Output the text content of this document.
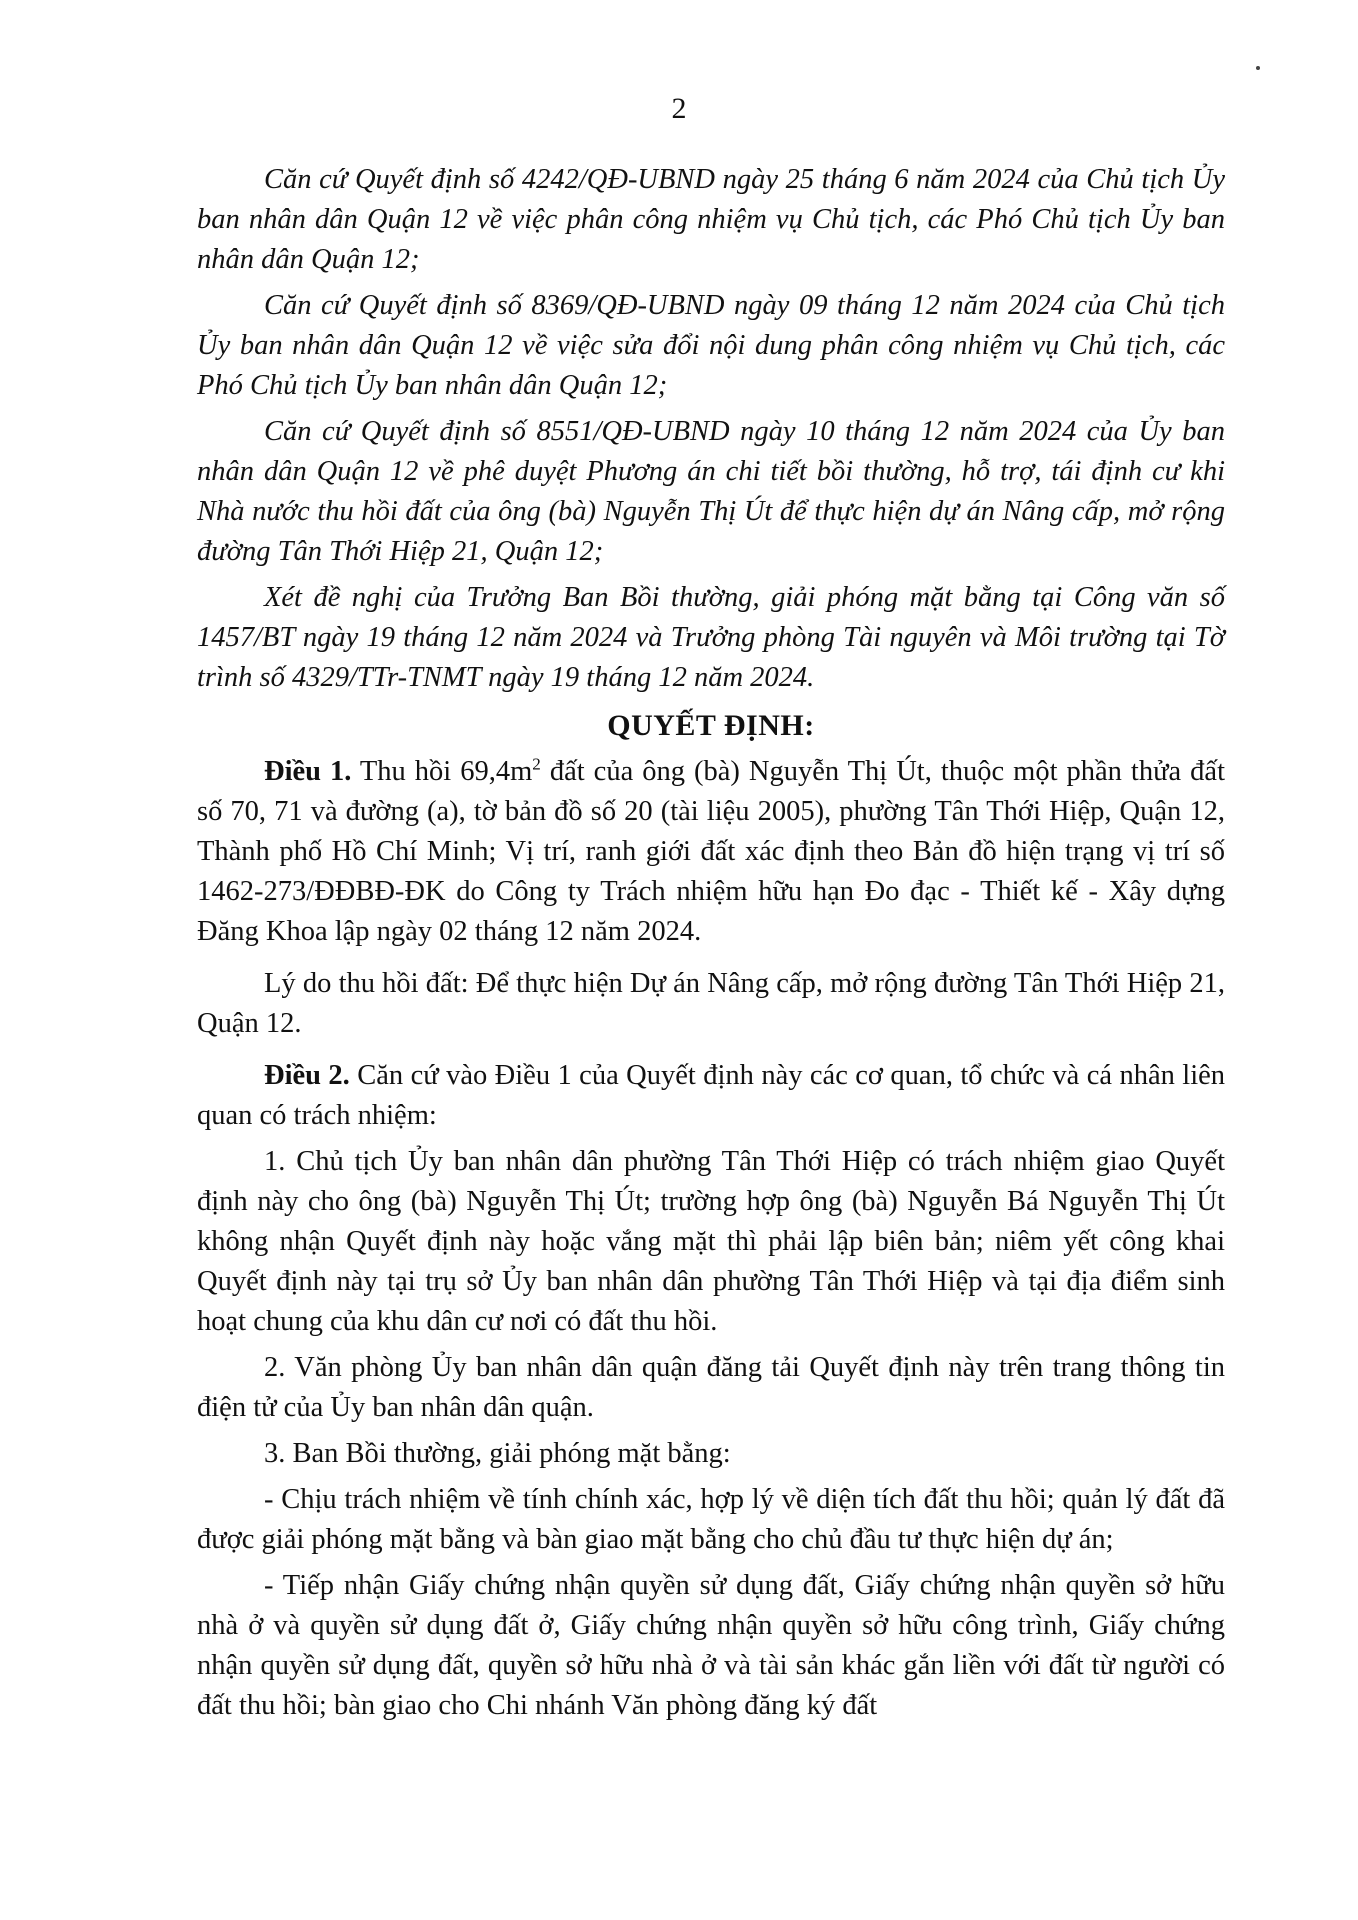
2

Căn cứ Quyết định số 4242/QĐ-UBND ngày 25 tháng 6 năm 2024 của Chủ tịch Ủy ban nhân dân Quận 12 về việc phân công nhiệm vụ Chủ tịch, các Phó Chủ tịch Ủy ban nhân dân Quận 12;

Căn cứ Quyết định số 8369/QĐ-UBND ngày 09 tháng 12 năm 2024 của Chủ tịch Ủy ban nhân dân Quận 12 về việc sửa đổi nội dung phân công nhiệm vụ Chủ tịch, các Phó Chủ tịch Ủy ban nhân dân Quận 12;

Căn cứ Quyết định số 8551/QĐ-UBND ngày 10 tháng 12 năm 2024 của Ủy ban nhân dân Quận 12 về phê duyệt Phương án chi tiết bồi thường, hỗ trợ, tái định cư khi Nhà nước thu hồi đất của ông (bà) Nguyễn Thị Út để thực hiện dự án Nâng cấp, mở rộng đường Tân Thới Hiệp 21, Quận 12;

Xét đề nghị của Trưởng Ban Bồi thường, giải phóng mặt bằng tại Công văn số 1457/BT ngày 19 tháng 12 năm 2024 và Trưởng phòng Tài nguyên và Môi trường tại Tờ trình số 4329/TTr-TNMT ngày 19 tháng 12 năm 2024.

QUYẾT ĐỊNH:

Điều 1. Thu hồi $69,4m^2$ đất của ông (bà) Nguyễn Thị Út, thuộc một phần thửa đất số 70, 71 và đường (a), tờ bản đồ số 20 (tài liệu 2005), phường Tân Thới Hiệp, Quận 12, Thành phố Hồ Chí Minh; Vị trí, ranh giới đất xác định theo Bản đồ hiện trạng vị trí số 1462-273/ĐĐBĐ-ĐK do Công ty Trách nhiệm hữu hạn Đo đạc - Thiết kế - Xây dựng Đăng Khoa lập ngày 02 tháng 12 năm 2024.

Lý do thu hồi đất: Để thực hiện Dự án Nâng cấp, mở rộng đường Tân Thới Hiệp 21, Quận 12.

Điều 2. Căn cứ vào Điều 1 của Quyết định này các cơ quan, tổ chức và cá nhân liên quan có trách nhiệm:

1. Chủ tịch Ủy ban nhân dân phường Tân Thới Hiệp có trách nhiệm giao Quyết định này cho ông (bà) Nguyễn Thị Út; trường hợp ông (bà) Nguyễn Bá Nguyễn Thị Út không nhận Quyết định này hoặc vắng mặt thì phải lập biên bản; niêm yết công khai Quyết định này tại trụ sở Ủy ban nhân dân phường Tân Thới Hiệp và tại địa điểm sinh hoạt chung của khu dân cư nơi có đất thu hồi.

2. Văn phòng Ủy ban nhân dân quận đăng tải Quyết định này trên trang thông tin điện tử của Ủy ban nhân dân quận.

3. Ban Bồi thường, giải phóng mặt bằng:

- Chịu trách nhiệm về tính chính xác, hợp lý về diện tích đất thu hồi; quản lý đất đã được giải phóng mặt bằng và bàn giao mặt bằng cho chủ đầu tư thực hiện dự án;

- Tiếp nhận Giấy chứng nhận quyền sử dụng đất, Giấy chứng nhận quyền sở hữu nhà ở và quyền sử dụng đất ở, Giấy chứng nhận quyền sở hữu công trình, Giấy chứng nhận quyền sử dụng đất, quyền sở hữu nhà ở và tài sản khác gắn liền với đất từ người có đất thu hồi; bàn giao cho Chi nhánh Văn phòng đăng ký đất
